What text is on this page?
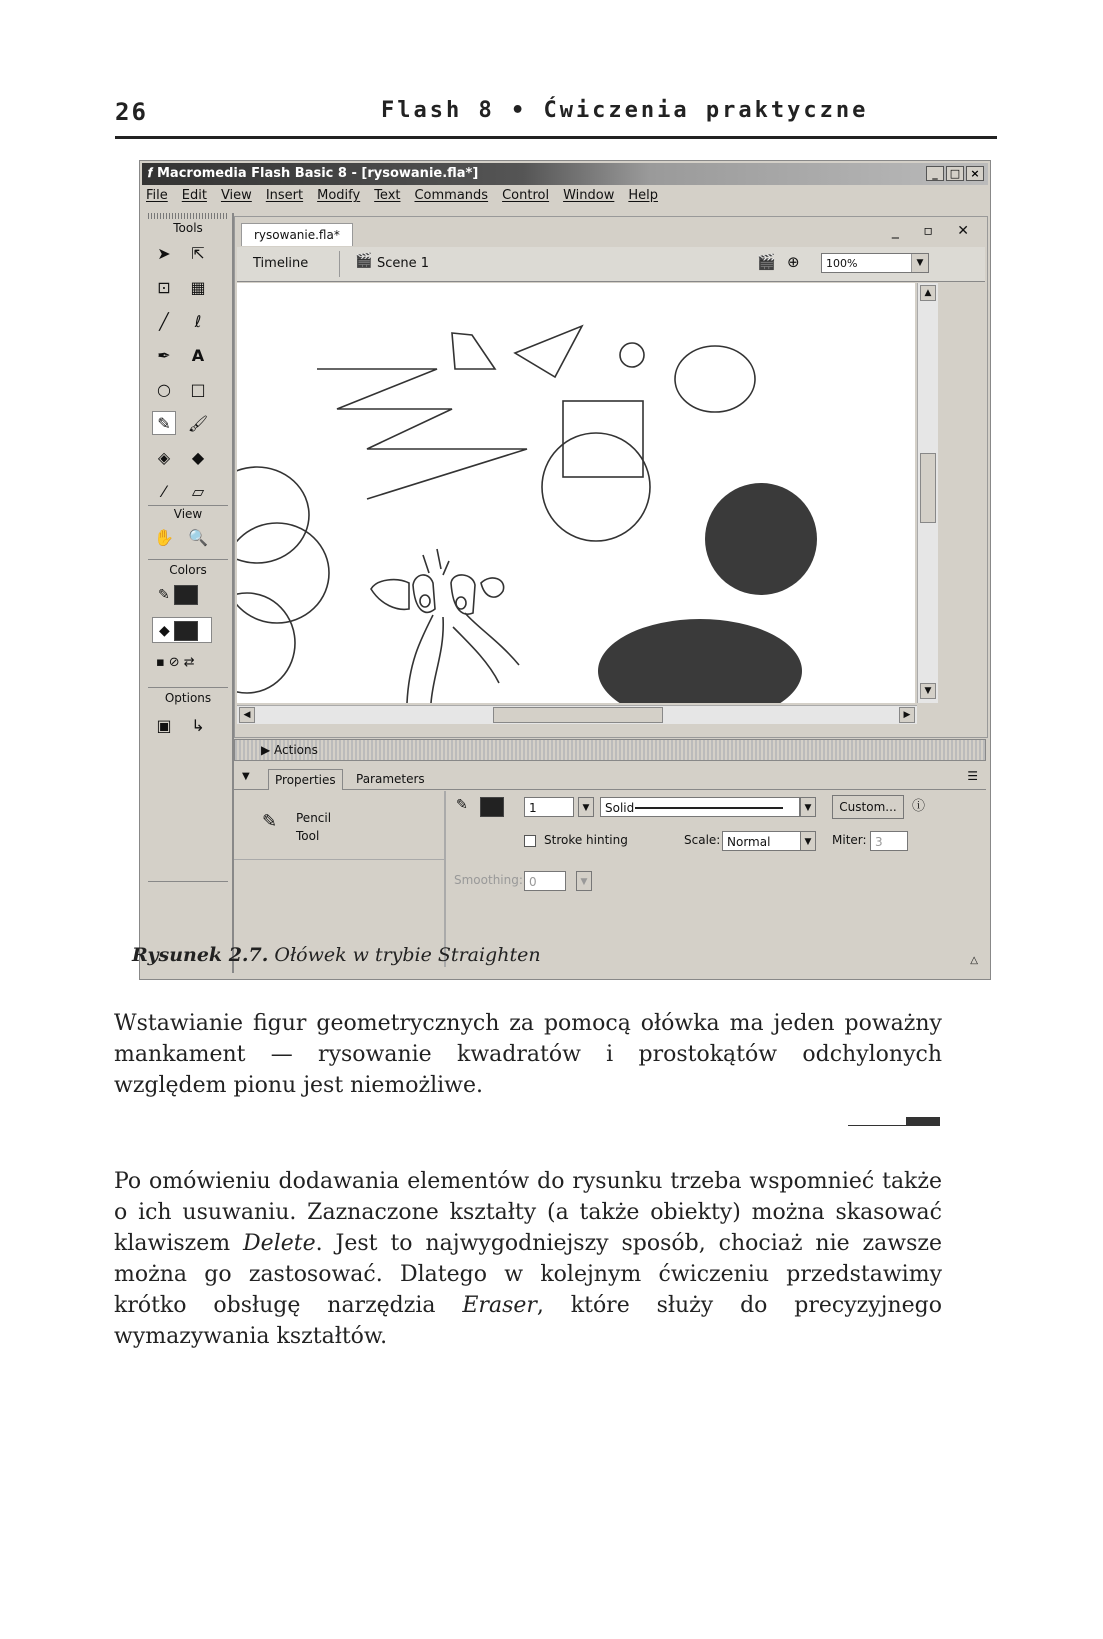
26	Flash 8 • Ćwiczenia praktyczne
𝒇 Macromedia Flash Basic 8 - [rysowanie.fla*]	_	□ ×
File Edit View Insert Modify Text Commands Control Window Help
Tools
➤	⇱
⊡	▦
╱	ℓ
✒	A
○	□
✎	🖌
◈	◆
⁄	▱
View
✋ 🔍
Colors
✎
◆
▪⊘⇄
Options
▣	↳
rysowanie.fla*	_ ▫ ✕
Timeline	🎬 Scene 1	🎬 ⊕	100%	▼
▲
▼
◀	▶
▶ Actions
▼	Properties	Parameters	☰
✎ Pencil
Tool
✎	1	▼	Solid	▼	Custom...	ⓘ
Stroke hinting	Scale: Normal	▼	Miter: 3
Smoothing: 0	▼
△
Rysunek 2.7. Ołówek w trybie Straighten
Wstawianie figur geometrycznych za pomocą ołówka ma jeden poważny mankament — rysowanie kwadratów i prostokątów odchylonych względem pionu jest niemożliwe.
Po omówieniu dodawania elementów do rysunku trzeba wspomnieć także o ich usuwaniu. Zaznaczone kształty (a także obiekty) można skasować klawiszem Delete. Jest to najwygodniejszy sposób, chociaż nie zawsze można go zastosować. Dlatego w kolejnym ćwiczeniu przedstawimy krótko obsługę narzędzia Eraser, które służy do precyzyjnego wymazywania kształtów.
